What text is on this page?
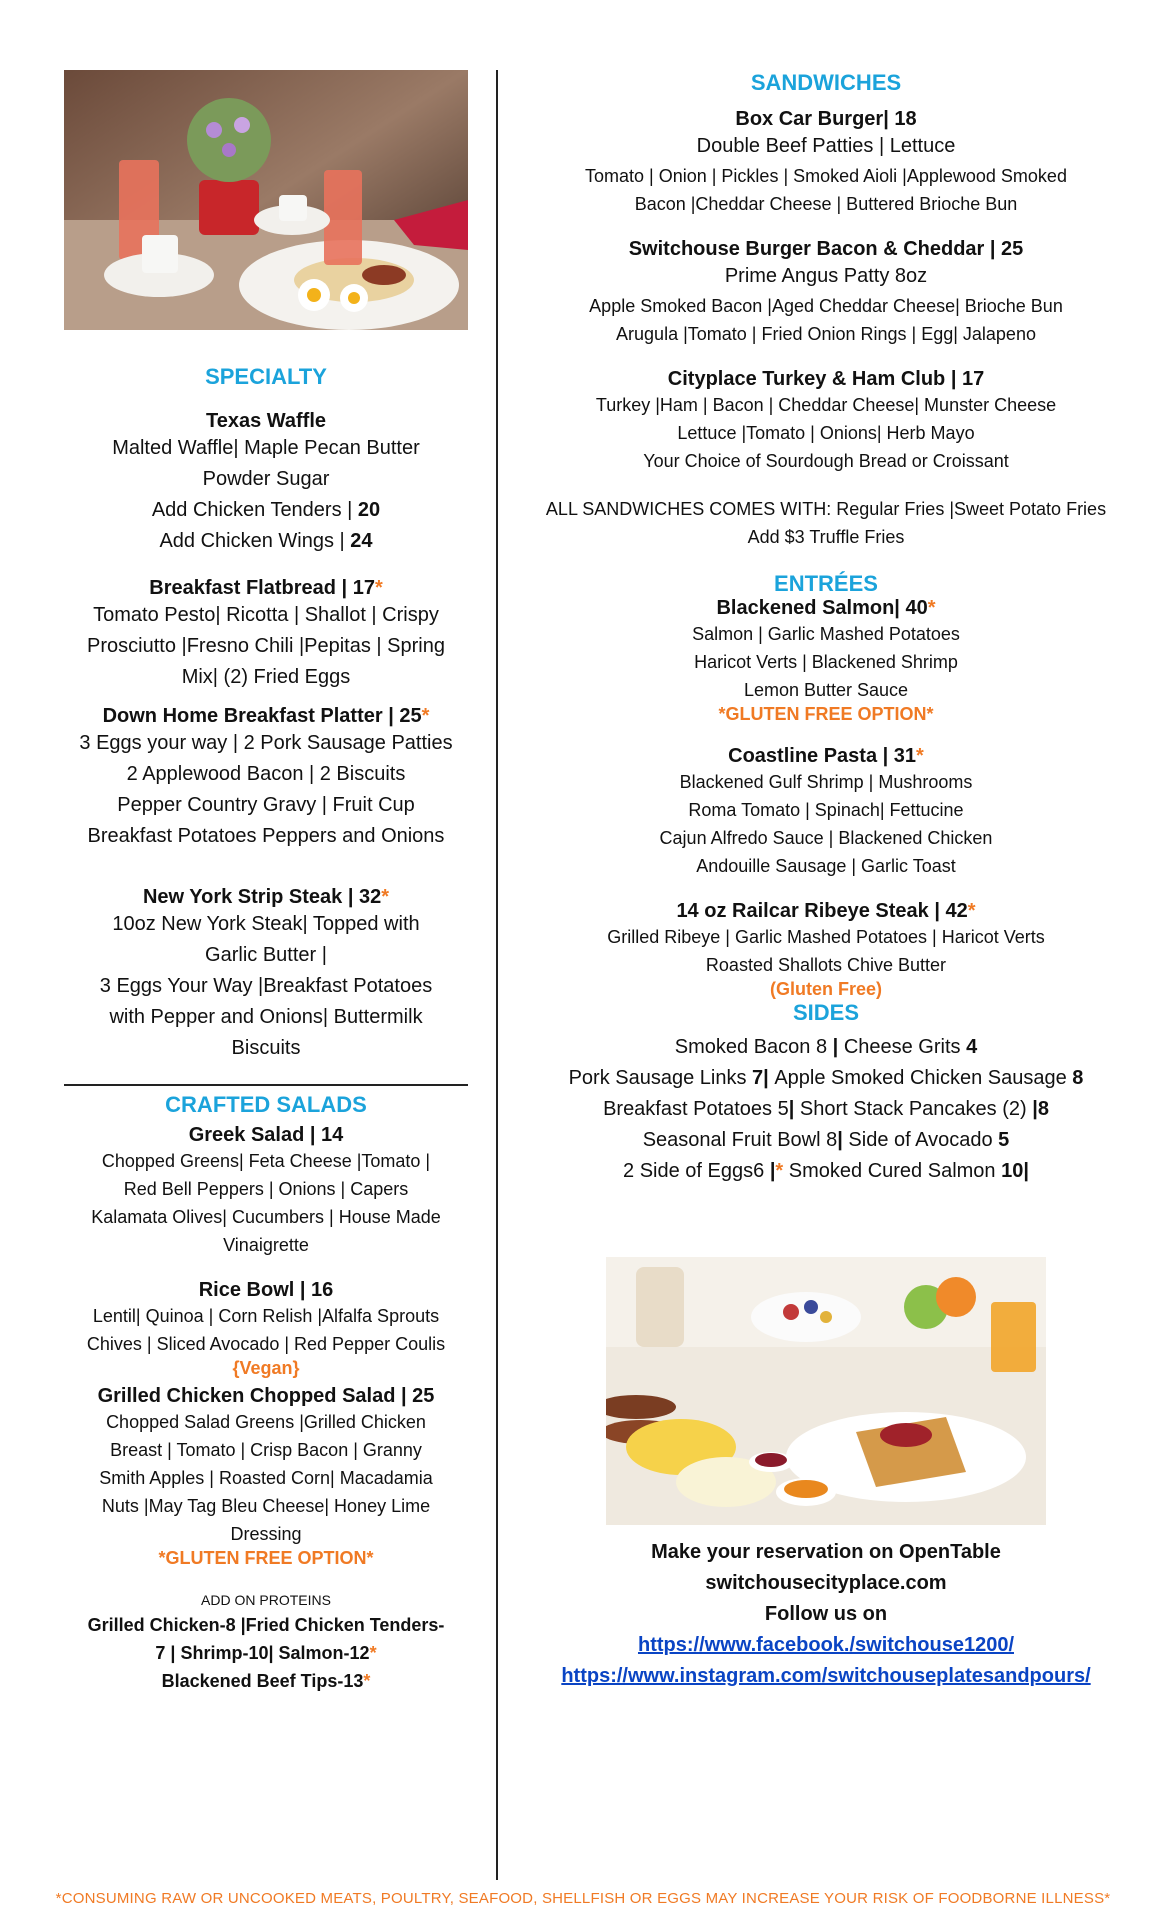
SPECIALTY

Texas Waffle

Malted Waffle| Maple Pecan Butter

Powder Sugar

Add Chicken Tenders | 20

Add Chicken Wings | 24

Breakfast Flatbread | 17*

Tomato Pesto| Ricotta | Shallot | Crispy

Prosciutto |Fresno Chili |Pepitas | Spring

Mix| (2) Fried Eggs

Down Home Breakfast Platter | 25*

3 Eggs your way | 2 Pork Sausage Patties

2 Applewood Bacon | 2 Biscuits

Pepper Country Gravy | Fruit Cup

Breakfast Potatoes Peppers and Onions

New York Strip Steak | 32*

10oz New York Steak| Topped with

Garlic Butter |

3 Eggs Your Way |Breakfast Potatoes

with Pepper and Onions| Buttermilk

Biscuits

CRAFTED SALADS

Greek Salad | 14

Chopped Greens| Feta Cheese |Tomato |

Red Bell Peppers | Onions | Capers

Kalamata Olives| Cucumbers | House Made

Vinaigrette

Rice Bowl | 16

Lentil| Quinoa | Corn Relish |Alfalfa Sprouts

Chives | Sliced Avocado | Red Pepper Coulis

{Vegan}

Grilled Chicken Chopped Salad | 25

Chopped Salad Greens |Grilled Chicken

Breast | Tomato | Crisp Bacon | Granny

Smith Apples | Roasted Corn| Macadamia

Nuts |May Tag Bleu Cheese| Honey Lime

Dressing

*GLUTEN FREE OPTION*

ADD ON PROTEINS

Grilled Chicken-8 |Fried Chicken Tenders-

7 | Shrimp-10| Salmon-12*

Blackened Beef Tips-13*

SANDWICHES

Box Car Burger| 18

Double Beef Patties | Lettuce

Tomato | Onion | Pickles | Smoked Aioli |Applewood Smoked

Bacon |Cheddar Cheese | Buttered Brioche Bun

Switchouse Burger Bacon & Cheddar | 25

Prime Angus Patty 8oz

Apple Smoked Bacon |Aged Cheddar Cheese| Brioche Bun

Arugula |Tomato | Fried Onion Rings | Egg| Jalapeno

Cityplace Turkey & Ham Club | 17

Turkey |Ham | Bacon | Cheddar Cheese| Munster Cheese

Lettuce |Tomato | Onions| Herb Mayo

Your Choice of Sourdough Bread or Croissant

ALL SANDWICHES COMES WITH: Regular Fries |Sweet Potato Fries

Add $3 Truffle Fries

ENTRÉES

Blackened Salmon| 40*

Salmon | Garlic Mashed Potatoes

Haricot Verts | Blackened Shrimp

Lemon Butter Sauce

*GLUTEN FREE OPTION*

Coastline Pasta | 31*

Blackened Gulf Shrimp | Mushrooms

Roma Tomato | Spinach| Fettucine

Cajun Alfredo Sauce | Blackened Chicken

Andouille Sausage | Garlic Toast

14 oz Railcar Ribeye Steak | 42*

Grilled Ribeye | Garlic Mashed Potatoes | Haricot Verts

Roasted Shallots Chive Butter

(Gluten Free)

SIDES

Smoked Bacon 8 | Cheese Grits 4

Pork Sausage Links 7| Apple Smoked Chicken Sausage 8

Breakfast Potatoes 5| Short Stack Pancakes (2) |8

Seasonal Fruit Bowl 8| Side of Avocado 5

2 Side of Eggs6 |* Smoked Cured Salmon 10|

Make your reservation on OpenTable

switchousecityplace.com

Follow us on

https://www.facebook./switchouse1200/
https://www.instagram.com/switchouseplatesandpours/
*CONSUMING RAW OR UNCOOKED MEATS, POULTRY, SEAFOOD, SHELLFISH OR EGGS MAY INCREASE YOUR RISK OF FOODBORNE ILLNESS*
